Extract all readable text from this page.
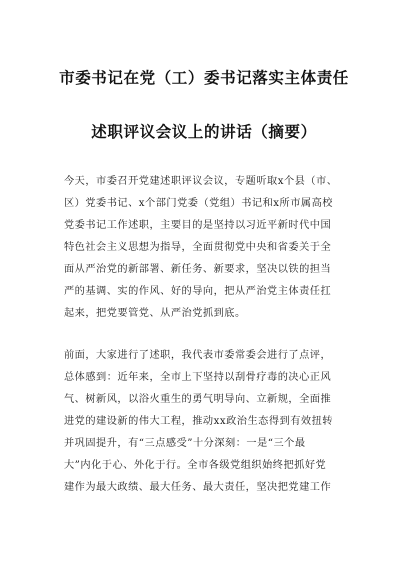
市委书记在党（工）委书记落实主体责任
述职评议会议上的讲话（摘要）
今天，市委召开党建述职评议会议，专题听取x个县（市、
区）党委书记、x个部门党委（党组）书记和x所市属高校
党委书记工作述职，主要目的是坚持以习近平新时代中国
特色社会主义思想为指导，全面贯彻党中央和省委关于全
面从严治党的新部署、新任务、新要求，坚决以铁的担当
严的基调、实的作风、好的导向，把从严治党主体责任扛
起来，把党要管党、从严治党抓到底。
前面，大家进行了述职，我代表市委常委会进行了点评，
总体感到：近年来，全市上下坚持以刮骨疗毒的决心正风
气、树新风，以浴火重生的勇气明导向、立新规，全面推
进党的建设新的伟大工程，推动xx政治生态得到有效扭转
并巩固提升，有“三点感受”十分深刻：一是“三个最
大”内化于心、外化于行。全市各级党组织始终把抓好党
建作为最大政绩、最大任务、最大责任，坚决把党建工作
